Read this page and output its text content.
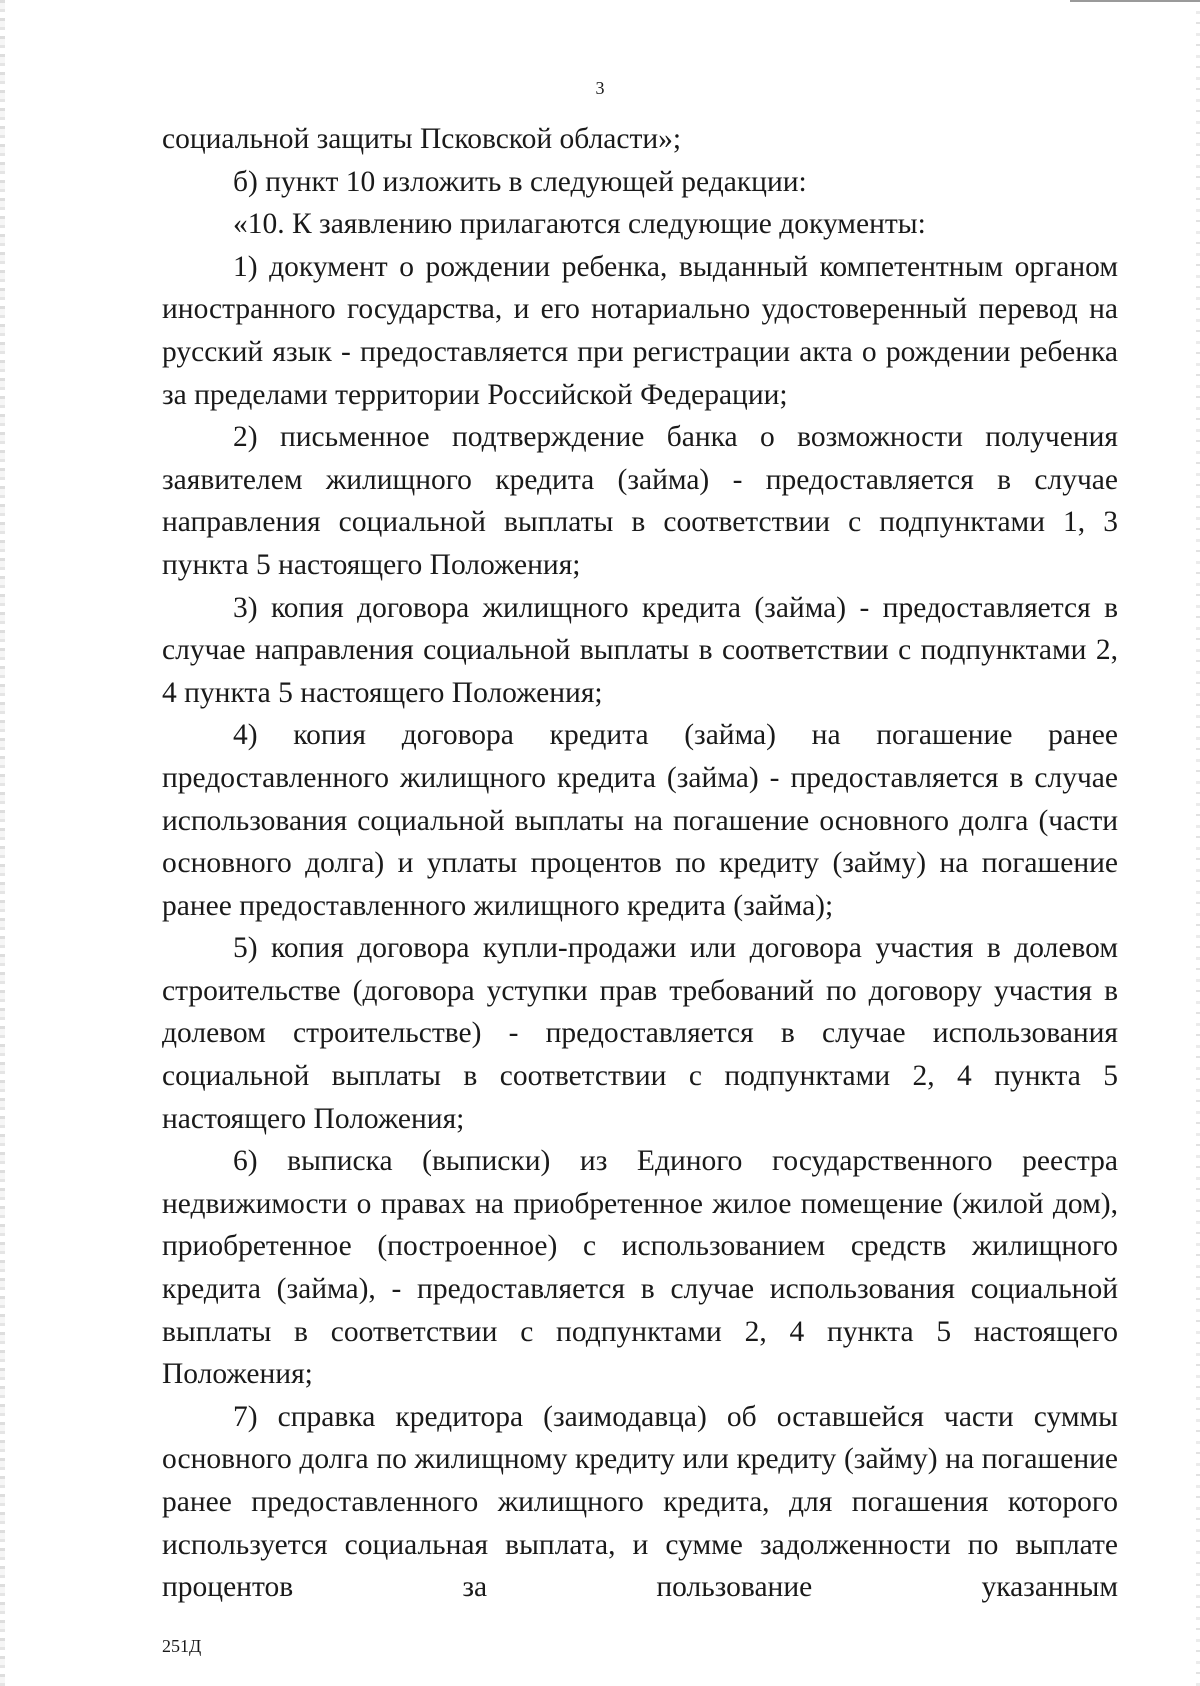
3

социальной защиты Псковской области»;

б) пункт 10 изложить в следующей редакции:

«10. К заявлению прилагаются следующие документы:

1) документ о рождении ребенка, выданный компетентным органом иностранного государства, и его нотариально удостоверенный перевод на русский язык - предоставляется при регистрации акта о рождении ребенка за пределами территории Российской Федерации;

2) письменное подтверждение банка о возможности получения заявителем жилищного кредита (займа) - предоставляется в случае направления социальной выплаты в соответствии с подпунктами 1, 3 пункта 5 настоящего Положения;

3) копия договора жилищного кредита (займа) - предоставляется в случае направления социальной выплаты в соответствии с подпунктами 2, 4 пункта 5 настоящего Положения;

4) копия договора кредита (займа) на погашение ранее предоставленного жилищного кредита (займа) - предоставляется в случае использования социальной выплаты на погашение основного долга (части основного долга) и уплаты процентов по кредиту (займу) на погашение ранее предоставленного жилищного кредита (займа);

5) копия договора купли-продажи или договора участия в долевом строительстве (договора уступки прав требований по договору участия в долевом строительстве) - предоставляется в случае использования социальной выплаты в соответствии с подпунктами 2, 4 пункта 5 настоящего Положения;

6) выписка (выписки) из Единого государственного реестра недвижимости о правах на приобретенное жилое помещение (жилой дом), приобретенное (построенное) с использованием средств жилищного кредита (займа), - предоставляется в случае использования социальной выплаты в соответствии с подпунктами 2, 4 пункта 5 настоящего Положения;

7) справка кредитора (заимодавца) об оставшейся части суммы основного долга по жилищному кредиту или кредиту (займу) на погашение ранее предоставленного жилищного кредита, для погашения которого используется социальная выплата, и сумме задолженности по выплате процентов за пользование указанным

251Д
